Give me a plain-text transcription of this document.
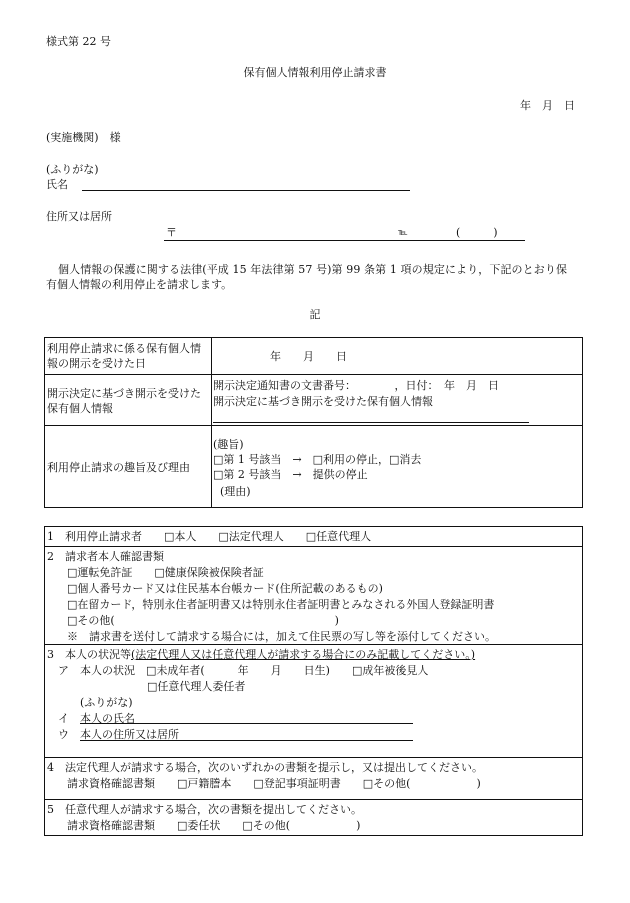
様式第 22 号
保有個人情報利用停止請求書
年　月　日
(実施機関)　様
(ふりがな)
氏名
住所又は居所
〒	℡	(　　　)
個人情報の保護に関する法律(平成 15 年法律第 57 号)第 99 条第 1 項の規定により，下記のとおり保
有個人情報の利用停止を請求します。
記
利用停止請求に係る保有個人情
報の開示を受けた日
年　　月　　日
開示決定に基づき開示を受けた
保有個人情報
開示決定通知書の文書番号：　　　　，日付：　年　月　日
開示決定に基づき開示を受けた保有個人情報
利用停止請求の趣旨及び理由
(趣旨)
□第 1 号該当　→　□利用の停止，□消去
□第 2 号該当　→　提供の停止
(理由)
1　利用停止請求者　　□本人　　□法定代理人　　□任意代理人
2　請求者本人確認書類
□運転免許証　　□健康保険被保険者証
□個人番号カード又は住民基本台帳カード(住所記載のあるもの)
□在留カード，特別永住者証明書又は特別永住者証明書とみなされる外国人登録証明書
□その他(　　　　　　　　　　　　　　　　　　　　)
※　請求書を送付して請求する場合には，加えて住民票の写し等を添付してください。
3　本人の状況等(法定代理人又は任意代理人が請求する場合にのみ記載してください。)
ア　本人の状況　□未成年者(　　　年　　月　　日生)　　□成年被後見人
□任意代理人委任者
(ふりがな)
イ 本人の氏名
ウ 本人の住所又は居所
4　法定代理人が請求する場合，次のいずれかの書類を提示し，又は提出してください。
請求資格確認書類　　□戸籍謄本　　□登記事項証明書　　□その他(　　　　　　)
5　任意代理人が請求する場合，次の書類を提出してください。
請求資格確認書類　　□委任状　　□その他(　　　　　　)
